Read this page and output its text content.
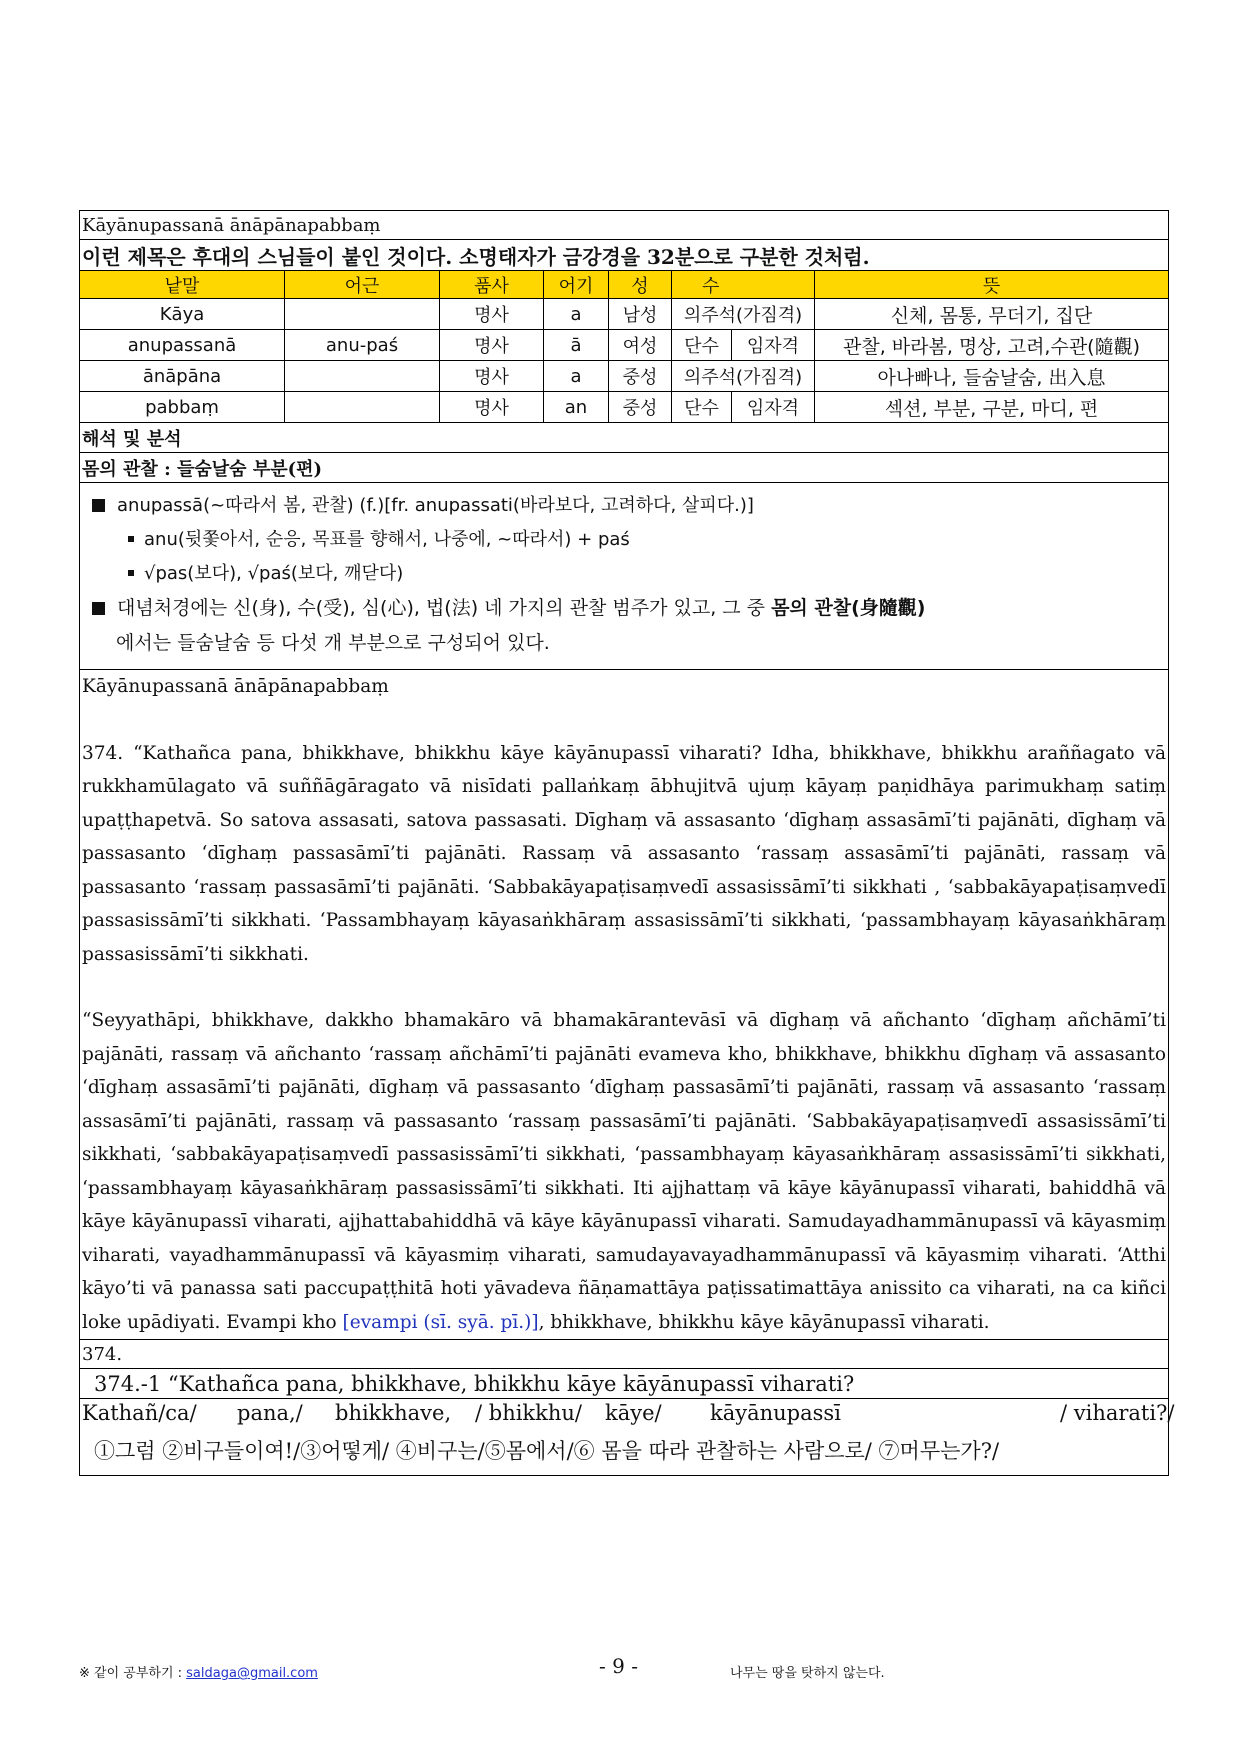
Kāyānupassanā ānāpānapabbaṃ							
이런 제목은 후대의 스님들이 붙인 것이다. 소명태자가 금강경을 32분으로 구분한 것처럼.							
낱말	어근	품사	어기	성	수		뜻
Kāya		명사	a	남성	의주석(가짐격)		신체, 몸통, 무더기, 집단
anupassanā	anu-paś	명사	ā	여성	단수	임자격	관찰, 바라봄, 명상, 고려,수관(隨觀)
ānāpāna		명사	a	중성	의주석(가짐격)		아나빠나, 들숨날숨, 出入息
pabbaṃ		명사	an	중성	단수	임자격	섹션, 부분, 구분, 마디, 편
해석 및 분석							
몸의 관찰 : 들숨날숨 부분(편)							

anupassā(~따라서 봄, 관찰) (f.)[fr. anupassati(바라보다, 고려하다, 살피다.)]
anu(뒷쫓아서, 순응, 목표를 향해서, 나중에, ~따라서) + paś
√pas(보다), √paś(보다, 깨닫다)
대념처경에는 신(身), 수(受), 심(心), 법(法) 네 가지의 관찰 범주가 있고, 그 중 몸의 관찰(身隨觀)
에서는 들숨날숨 등 다섯 개 부분으로 구성되어 있다.							

Kāyānupassanā ānāpānapabbaṃ

374. “Kathañca pana, bhikkhave, bhikkhu kāye kāyānupassī viharati? Idha, bhikkhave, bhikkhu araññagato vā rukkhamūlagato vā suññāgāragato vā nisīdati pallaṅkaṃ ābhujitvā ujuṃ kāyaṃ paṇidhāya parimukhaṃ satiṃ upaṭṭhapetvā. So satova assasati, satova passasati. Dīghaṃ vā assasanto ‘dīghaṃ assasāmī’ti pajānāti, dīghaṃ vā passasanto ‘dīghaṃ passasāmī’ti pajānāti. Rassaṃ vā assasanto ‘rassaṃ assasāmī’ti pajānāti, rassaṃ vā passasanto ‘rassaṃ passasāmī’ti pajānāti. ‘Sabbakāyapaṭisaṃvedī assasissāmī’ti sikkhati , ‘sabbakāyapaṭisaṃvedī passasissāmī’ti sikkhati. ‘Passambhayaṃ kāyasaṅkhāraṃ assasissāmī’ti sikkhati, ‘passambhayaṃ kāyasaṅkhāraṃ passasissāmī’ti sikkhati.

“Seyyathāpi, bhikkhave, dakkho bhamakāro vā bhamakārantevāsī vā dīghaṃ vā añchanto ‘dīghaṃ añchāmī’ti pajānāti, rassaṃ vā añchanto ‘rassaṃ añchāmī’ti pajānāti evameva kho, bhikkhave, bhikkhu dīghaṃ vā assasanto ‘dīghaṃ assasāmī’ti pajānāti, dīghaṃ vā passasanto ‘dīghaṃ passasāmī’ti pajānāti, rassaṃ vā assasanto ‘rassaṃ assasāmī’ti pajānāti, rassaṃ vā passasanto ‘rassaṃ passasāmī’ti pajānāti. ‘Sabbakāyapaṭisaṃvedī assasissāmī’ti sikkhati, ‘sabbakāyapaṭisaṃvedī passasissāmī’ti sikkhati, ‘passambhayaṃ kāyasaṅkhāraṃ assasissāmī’ti sikkhati, ‘passambhayaṃ kāyasaṅkhāraṃ passasissāmī’ti sikkhati. Iti ajjhattaṃ vā kāye kāyānupassī viharati, bahiddhā vā kāye kāyānupassī viharati, ajjhattabahiddhā vā kāye kāyānupassī viharati. Samudayadhammānupassī vā kāyasmiṃ viharati, vayadhammānupassī vā kāyasmiṃ viharati, samudayavayadhammānupassī vā kāyasmiṃ viharati. ‘Atthi kāyo’ti vā panassa sati paccupaṭṭhitā hoti yāvadeva ñāṇamattāya paṭissatimattāya anissito ca viharati, na ca kiñci loke upādiyati. Evampi kho [evampi (sī. syā. pī.)], bhikkhave, bhikkhu kāye kāyānupassī viharati.							

374.							
374.-1 “Kathañca pana, bhikkhave, bhikkhu kāye kāyānupassī viharati?							

Kathañ/ca/ pana,/ bhikkhave, / bhikkhu/ kāye/ kāyānupassī / viharati?/
①그럼 ②비구들이여!/③어떻게/ ④비구는/⑤몸에서/⑥ 몸을 따라 관찰하는 사람으로/ ⑦머무는가?/							
※ 같이 공부하기 : saldaga@gmail.com	- 9 -	나무는 땅을 탓하지 않는다.
